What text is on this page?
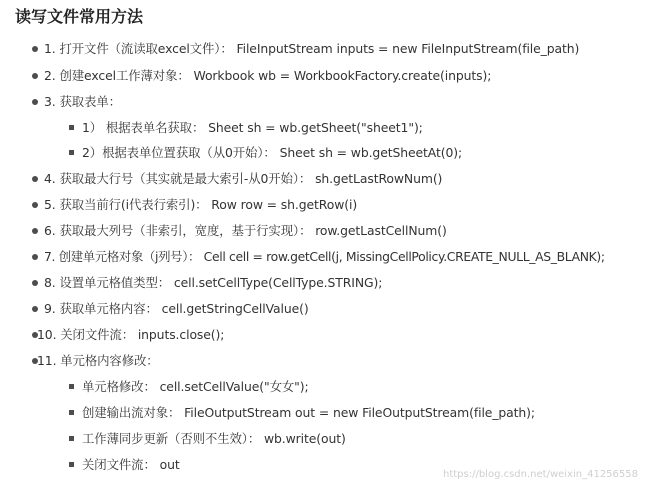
读写文件常用方法
1. 打开文件（流读取excel文件）： FileInputStream inputs = new FileInputStream(file_path)
2. 创建excel工作薄对象： Workbook wb = WorkbookFactory.create(inputs);
3. 获取表单：
1） 根据表单名获取： Sheet sh = wb.getSheet("sheet1");
2）根据表单位置获取（从0开始）： Sheet sh = wb.getSheetAt(0);
4. 获取最大行号（其实就是最大索引-从0开始）： sh.getLastRowNum()
5. 获取当前行(i代表行索引)： Row row = sh.getRow(i)
6. 获取最大列号（非索引，宽度，基于行实现）： row.getLastCellNum()
7. 创建单元格对象（j列号）： Cell cell = row.getCell(j, MissingCellPolicy.CREATE_NULL_AS_BLANK);
8. 设置单元格值类型： cell.setCellType(CellType.STRING);
9. 获取单元格内容： cell.getStringCellValue()
10. 关闭文件流： inputs.close();
11. 单元格内容修改：
单元格修改： cell.setCellValue("女女");
创建输出流对象： FileOutputStream out = new FileOutputStream(file_path);
工作薄同步更新（否则不生效）： wb.write(out)
关闭文件流： out
https://blog.csdn.net/weixin_41256558
